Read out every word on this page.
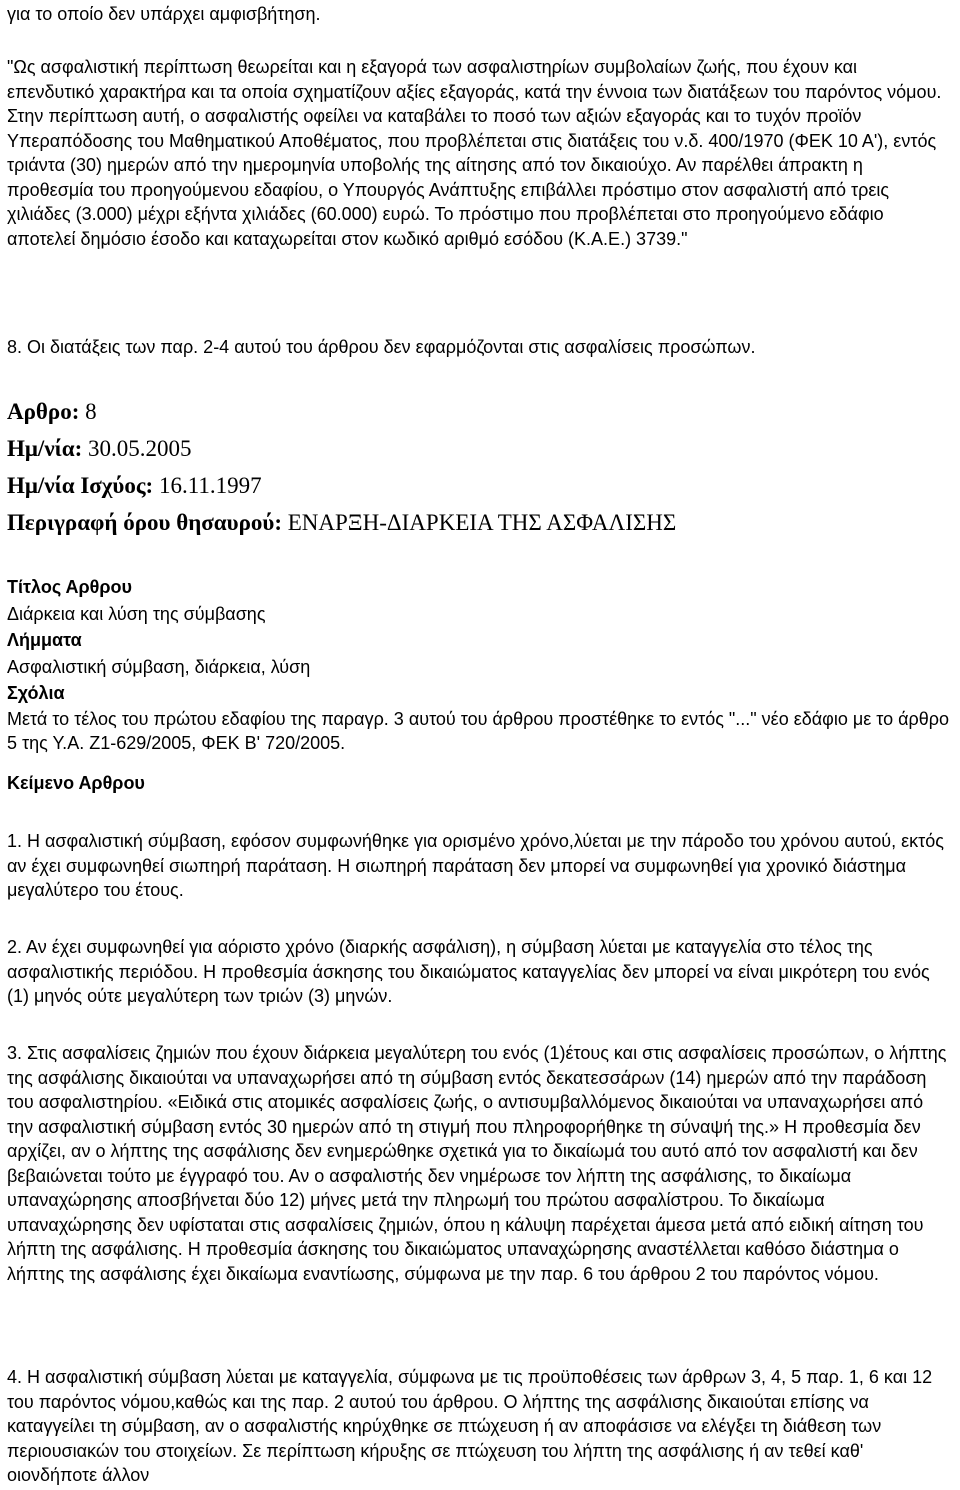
για το οποίο δεν υπάρχει αμφισβήτηση.

"Ως ασφαλιστική περίπτωση θεωρείται και η εξαγορά των ασφαλιστηρίων συμβολαίων ζωής, που έχουν και επενδυτικό χαρακτήρα και τα οποία σχηματίζουν αξίες εξαγοράς, κατά την έννοια των διατάξεων του παρόντος νόμου. Στην περίπτωση αυτή, ο ασφαλιστής οφείλει να καταβάλει το ποσό των αξιών εξαγοράς και το τυχόν προϊόν Υπεραπόδοσης του Μαθηματικού Αποθέματος, που προβλέπεται στις διατάξεις του ν.δ. 400/1970 (ΦΕΚ 10 Α'), εντός τριάντα (30) ημερών από την ημερομηνία υποβολής της αίτησης από τον δικαιούχο. Αν παρέλθει άπρακτη η προθεσμία του προηγούμενου εδαφίου, ο Υπουργός Ανάπτυξης επιβάλλει πρόστιμο στον ασφαλιστή από τρεις χιλιάδες (3.000) μέχρι εξήντα χιλιάδες (60.000) ευρώ. Το πρόστιμο που προβλέπεται στο προηγούμενο εδάφιο αποτελεί δημόσιο έσοδο και καταχωρείται στον κωδικό αριθμό εσόδου (Κ.Α.Ε.) 3739."

8. Οι διατάξεις των παρ. 2-4 αυτού του άρθρου δεν εφαρμόζονται στις ασφαλίσεις προσώπων.

Αρθρο: 8

Ημ/νία: 30.05.2005

Ημ/νία Ισχύος: 16.11.1997

Περιγραφή όρου θησαυρού: ΕΝΑΡΞΗ-ΔΙΑΡΚΕΙΑ ΤΗΣ ΑΣΦΑΛΙΣΗΣ

Τίτλος Αρθρου

Διάρκεια και λύση της σύμβασης

Λήμματα

Ασφαλιστική σύμβαση, διάρκεια, λύση

Σχόλια

Μετά το τέλος του πρώτου εδαφίου της παραγρ. 3 αυτού του άρθρου προστέθηκε το εντός "..." νέο εδάφιο με το άρθρο 5 της Υ.Α. Ζ1-629/2005, ΦΕΚ Β' 720/2005.

Κείμενο Αρθρου

1. Η ασφαλιστική σύμβαση, εφόσον συμφωνήθηκε για ορισμένο χρόνο,λύεται με την πάροδο του χρόνου αυτού, εκτός αν έχει συμφωνηθεί σιωπηρή παράταση. Η σιωπηρή παράταση δεν μπορεί να συμφωνηθεί για χρονικό διάστημα μεγαλύτερο του έτους.

2. Αν έχει συμφωνηθεί για αόριστο χρόνο (διαρκής ασφάλιση), η σύμβαση λύεται με καταγγελία στο τέλος της ασφαλιστικής περιόδου. Η προθεσμία άσκησης του δικαιώματος καταγγελίας δεν μπορεί να είναι μικρότερη του ενός (1) μηνός ούτε μεγαλύτερη των τριών (3) μηνών.

3. Στις ασφαλίσεις ζημιών που έχουν διάρκεια μεγαλύτερη του ενός (1)έτους και στις ασφαλίσεις προσώπων, ο λήπτης της ασφάλισης δικαιούται να υπαναχωρήσει από τη σύμβαση εντός δεκατεσσάρων (14) ημερών από την παράδοση του ασφαλιστηρίου. «Ειδικά στις ατομικές ασφαλίσεις ζωής, ο αντισυμβαλλόμενος δικαιούται να υπαναχωρήσει από την ασφαλιστική σύμβαση εντός 30 ημερών από τη στιγμή που πληροφορήθηκε τη σύναψή της.» Η προθεσμία δεν αρχίζει, αν ο λήπτης της ασφάλισης δεν ενημερώθηκε σχετικά για το δικαίωμά του αυτό από τον ασφαλιστή και δεν βεβαιώνεται τούτο με έγγραφό του. Αν ο ασφαλιστής δεν νημέρωσε τον λήπτη της ασφάλισης, το δικαίωμα υπαναχώρησης αποσβήνεται δύο 12) μήνες μετά την πληρωμή του πρώτου ασφαλίστρου. Το δικαίωμα υπαναχώρησης δεν υφίσταται στις ασφαλίσεις ζημιών, όπου η κάλυψη παρέχεται άμεσα μετά από ειδική αίτηση του λήπτη της ασφάλισης. Η προθεσμία άσκησης του δικαιώματος υπαναχώρησης αναστέλλεται καθόσο διάστημα ο λήπτης της ασφάλισης έχει δικαίωμα εναντίωσης, σύμφωνα με την παρ. 6 του άρθρου 2 του παρόντος νόμου.

4. Η ασφαλιστική σύμβαση λύεται με καταγγελία, σύμφωνα με τις προϋποθέσεις των άρθρων 3, 4, 5 παρ. 1, 6 και 12 του παρόντος νόμου,καθώς και της παρ. 2 αυτού του άρθρου. Ο λήπτης της ασφάλισης δικαιούται επίσης να καταγγείλει τη σύμβαση, αν ο ασφαλιστής κηρύχθηκε σε πτώχευση ή αν αποφάσισε να ελέγξει τη διάθεση των περιουσιακών του στοιχείων. Σε περίπτωση κήρυξης σε πτώχευση του λήπτη της ασφάλισης ή αν τεθεί καθ' οιονδήποτε άλλον
